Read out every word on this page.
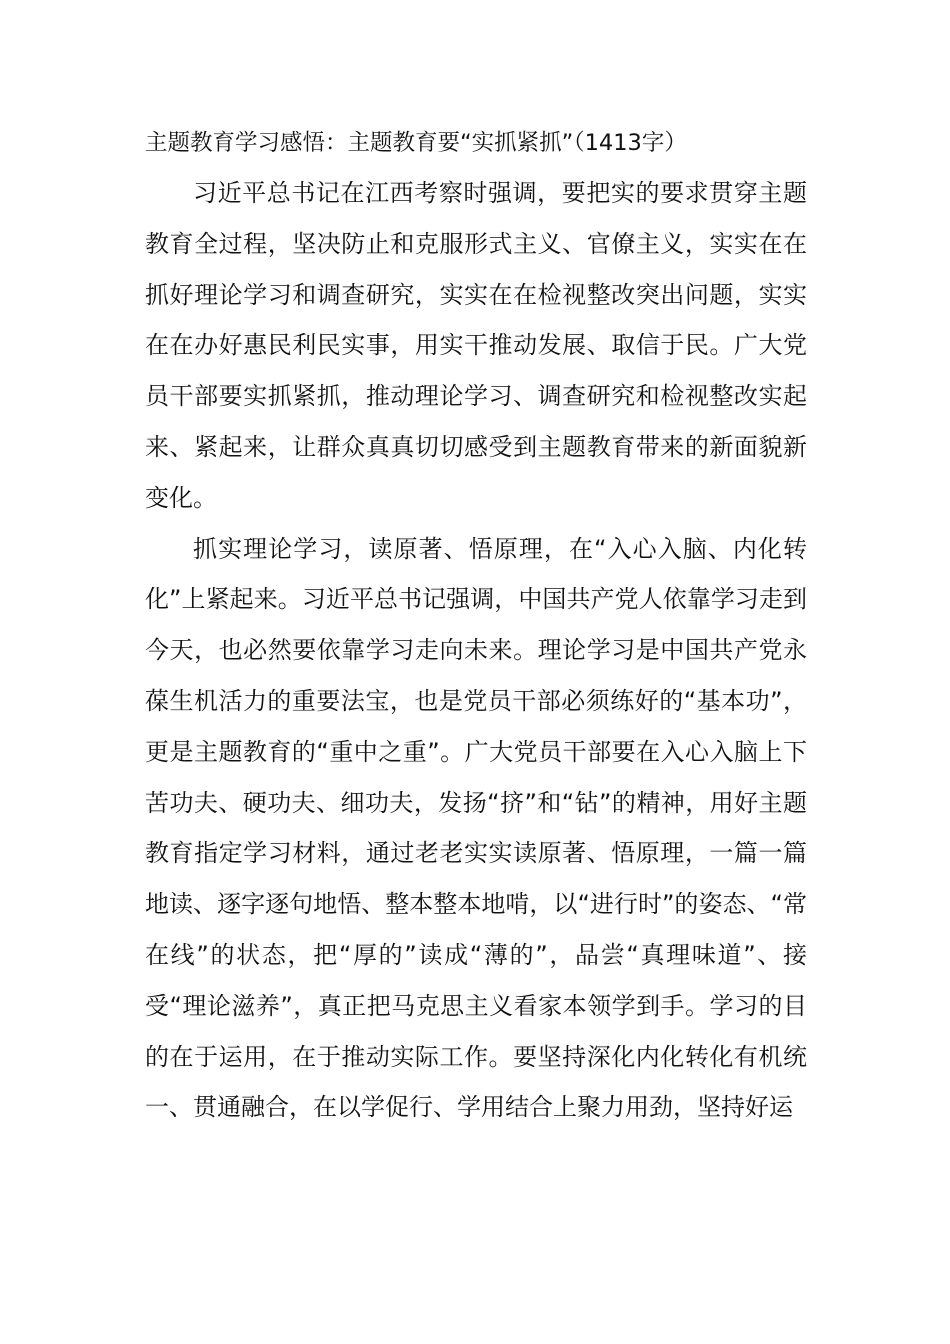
主题教育学习感悟：主题教育要“实抓紧抓”（1413字）

习近平总书记在江西考察时强调，要把实的要求贯穿主题教育全过程，坚决防止和克服形式主义、官僚主义，实实在在抓好理论学习和调查研究，实实在在检视整改突出问题，实实在在办好惠民利民实事，用实干推动发展、取信于民。广大党员干部要实抓紧抓，推动理论学习、调查研究和检视整改实起来、紧起来，让群众真真切切感受到主题教育带来的新面貌新变化。

抓实理论学习，读原著、悟原理，在“入心入脑、内化转化”上紧起来。习近平总书记强调，中国共产党人依靠学习走到今天，也必然要依靠学习走向未来。理论学习是中国共产党永葆生机活力的重要法宝，也是党员干部必须练好的“基本功”，更是主题教育的“重中之重”。广大党员干部要在入心入脑上下苦功夫、硬功夫、细功夫，发扬“挤”和“钻”的精神，用好主题教育指定学习材料，通过老老实实读原著、悟原理，一篇一篇地读、逐字逐句地悟、整本整本地啃，以“进行时”的姿态、“常在线”的状态，把“厚的”读成“薄的”，品尝“真理味道”、接受“理论滋养”，真正把马克思主义看家本领学到手。学习的目的在于运用，在于推动实际工作。要坚持深化内化转化有机统一、贯通融合，在以学促行、学用结合上聚力用劲，坚持好运
